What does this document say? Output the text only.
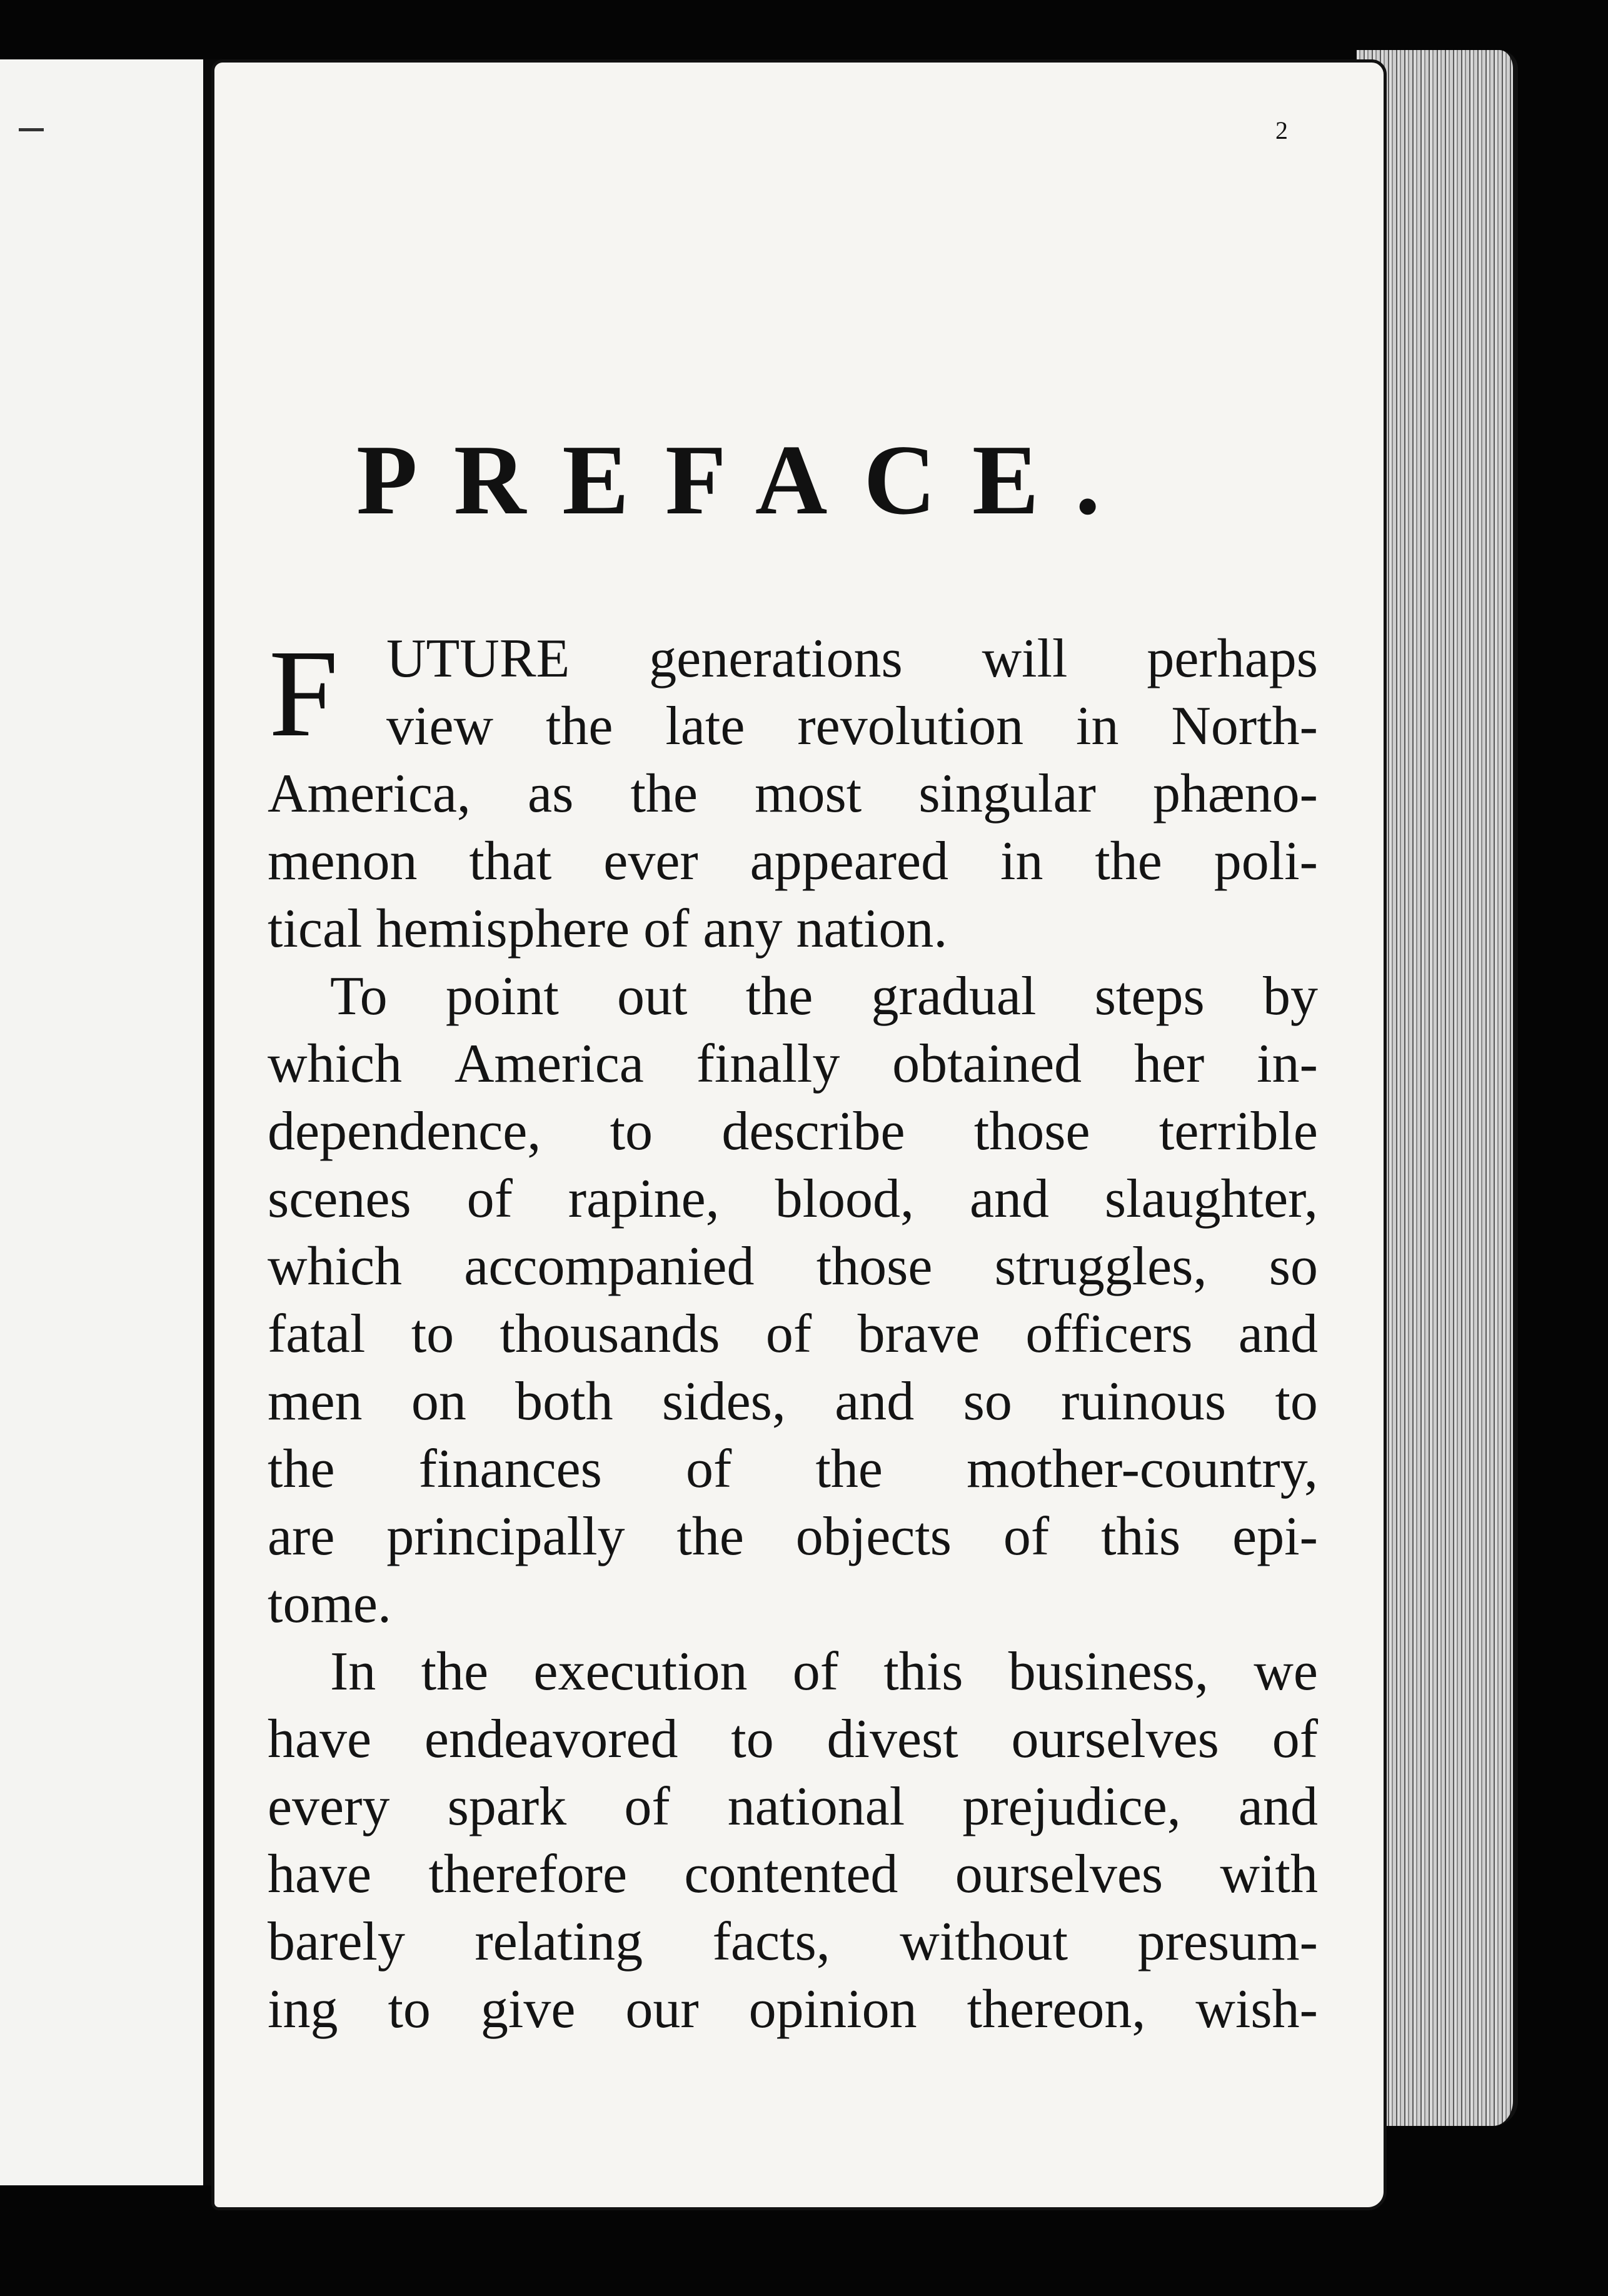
2
PREFACE.
F UTURE generations will perhaps
view the late revolution in North-
America, as the most singular phæno-
menon that ever appeared in the poli-
tical hemisphere of any nation.
To point out the gradual steps by
which America finally obtained her in-
dependence, to describe those terrible
scenes of rapine, blood, and slaughter,
which accompanied those struggles, so
fatal to thousands of brave officers and
men on both sides, and so ruinous to
the finances of the mother-country,
are principally the objects of this epi-
tome.
In the execution of this business, we
have endeavored to divest ourselves of
every spark of national prejudice, and
have therefore contented ourselves with
barely relating facts, without presum-
ing to give our opinion thereon, wish-
